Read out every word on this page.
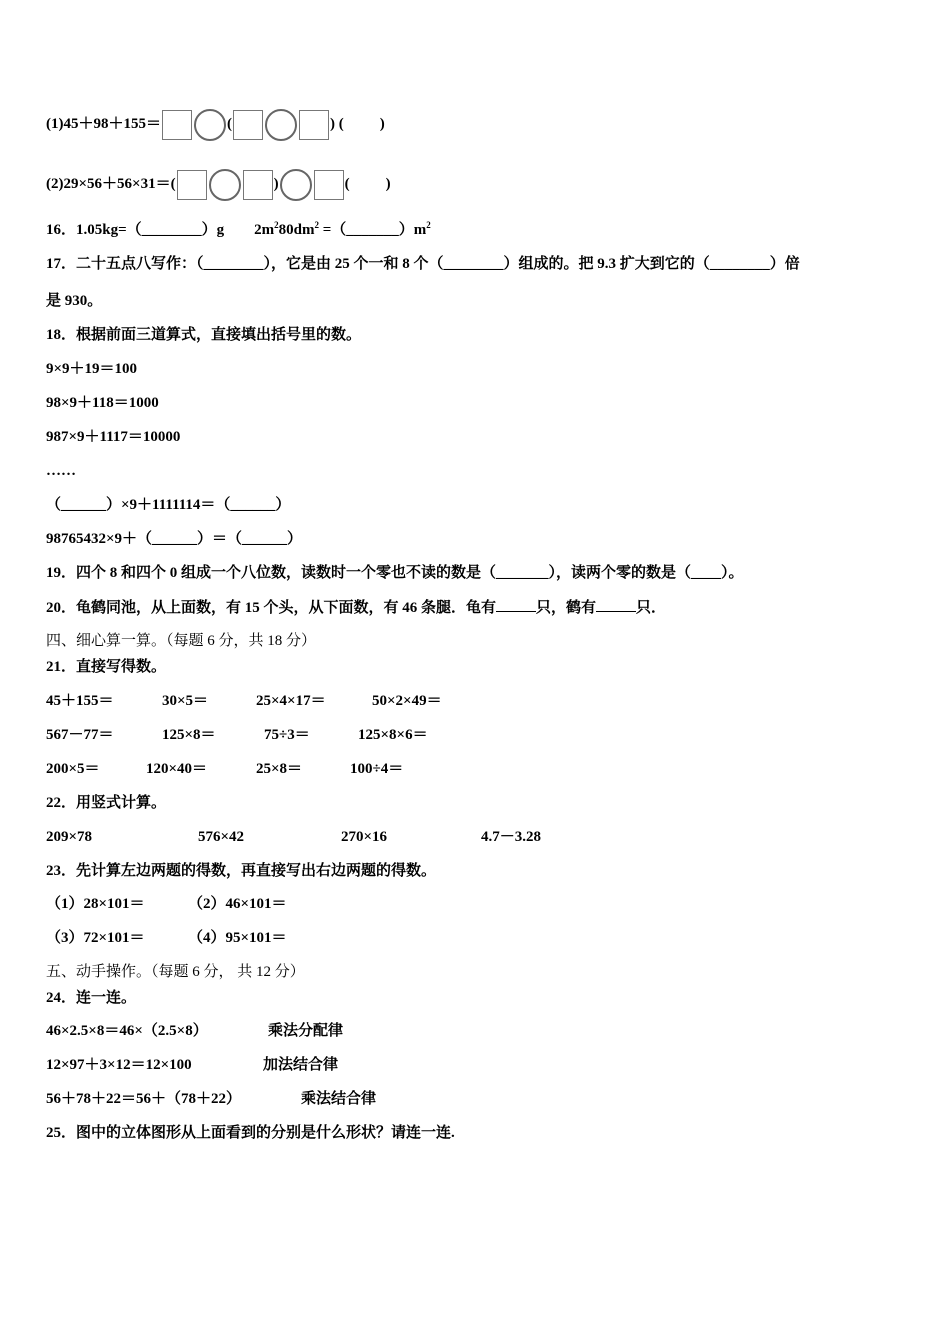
(1)45＋98＋155＝	(	) ( )
(2)29×56＋56×31＝(	)	( )
16．1.05kg=（________）g $2m^280dm^2$ $=(\_\_\_\_\_\_\_)m^2$
17．二十五点八写作：（________），它是由 25 个一和 8 个（________）组成的。把 9.3 扩大到它的（________）倍
是 930。
18．根据前面三道算式，直接填出括号里的数。
9×9＋19＝100
98×9＋118＝1000
987×9＋1117＝10000
……
（______）×9＋1111114＝（______）
98765432×9＋（______）＝（______）
19．四个 8 和四个 0 组成一个八位数，读数时一个零也不读的数是（_______），读两个零的数是（____）。
20．龟鹤同池，从上面数，有 15 个头，从下面数，有 46 条腿．龟有	只，鹤有	只．
四、细心算一算。（每题 6 分，共 18 分）
21．直接写得数。
45＋155＝	30×5＝	25×4×17＝	50×2×49＝
567－77＝	125×8＝	75÷3＝	125×8×6＝
200×5＝	120×40＝	25×8＝	100÷4＝
22．用竖式计算。
209×78	576×42	270×16	4.7－3.28
23．先计算左边两题的得数，再直接写出右边两题的得数。
（1）28×101＝	（2）46×101＝
（3）72×101＝	（4）95×101＝
五、动手操作。（每题 6 分， 共 12 分）
24．连一连。
46×2.5×8＝46×（2.5×8）	乘法分配律
12×97＋3×12＝12×100	加法结合律
56＋78＋22＝56＋（78＋22）	乘法结合律
25．图中的立体图形从上面看到的分别是什么形状？请连一连.
